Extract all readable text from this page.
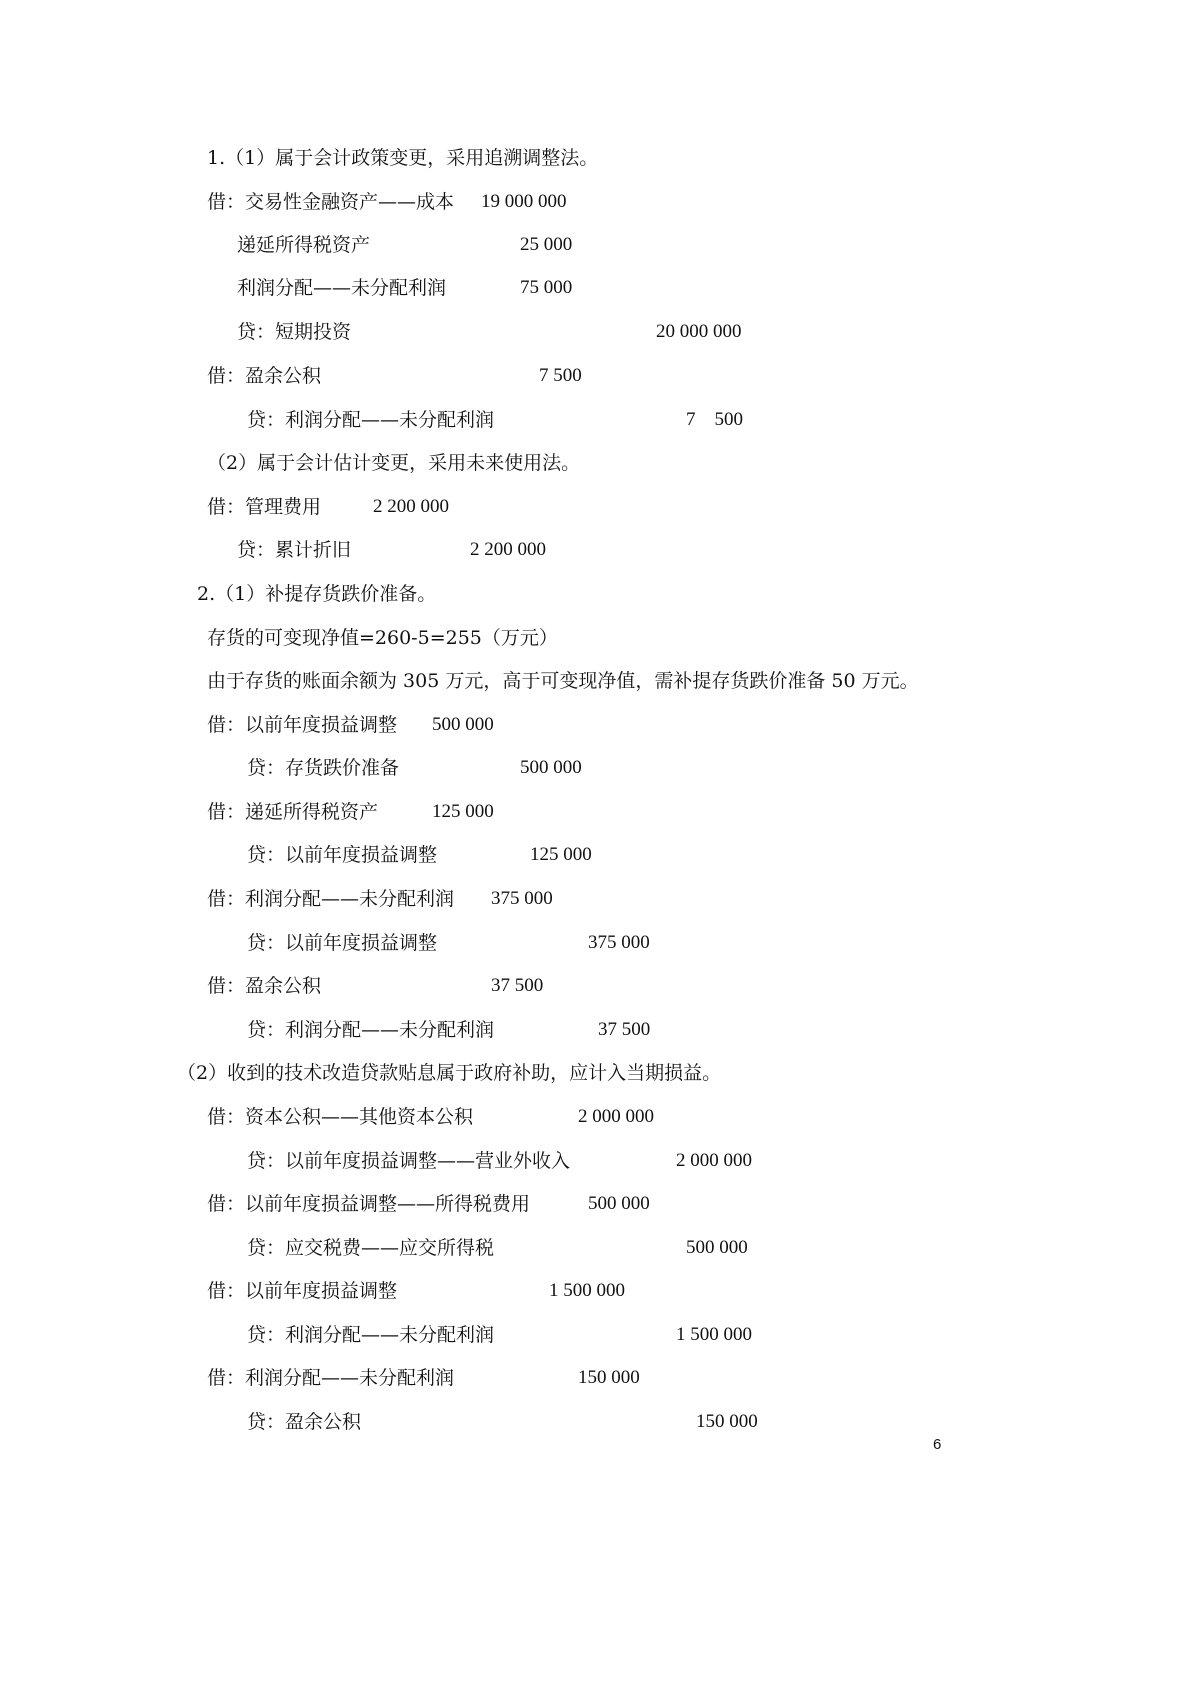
1.（1）属于会计政策变更，采用追溯调整法。
借：交易性金融资产——成本 19 000 000
递延所得税资产	25 000
利润分配——未分配利润	75 000
贷：短期投资	20 000 000
借：盈余公积	7 500
贷：利润分配——未分配利润	7　500
（2）属于会计估计变更，采用未来使用法。
借：管理费用	2 200 000
贷：累计折旧	2 200 000
2.（1）补提存货跌价准备。
存货的可变现净值=260-5=255（万元）
由于存货的账面余额为 305 万元，高于可变现净值，需补提存货跌价准备 50 万元。
借：以前年度损益调整 500 000
贷：存货跌价准备	500 000
借：递延所得税资产	125 000
贷：以前年度损益调整	125 000
借：利润分配——未分配利润 375 000
贷：以前年度损益调整	375 000
借：盈余公积	37 500
贷：利润分配——未分配利润	37 500
（2）收到的技术改造贷款贴息属于政府补助，应计入当期损益。
借：资本公积——其他资本公积	2 000 000
贷：以前年度损益调整——营业外收入	2 000 000
借：以前年度损益调整——所得税费用	500 000
贷：应交税费——应交所得税	500 000
借：以前年度损益调整	1 500 000
贷：利润分配——未分配利润	1 500 000
借：利润分配——未分配利润	150 000
贷：盈余公积	150 000
6
